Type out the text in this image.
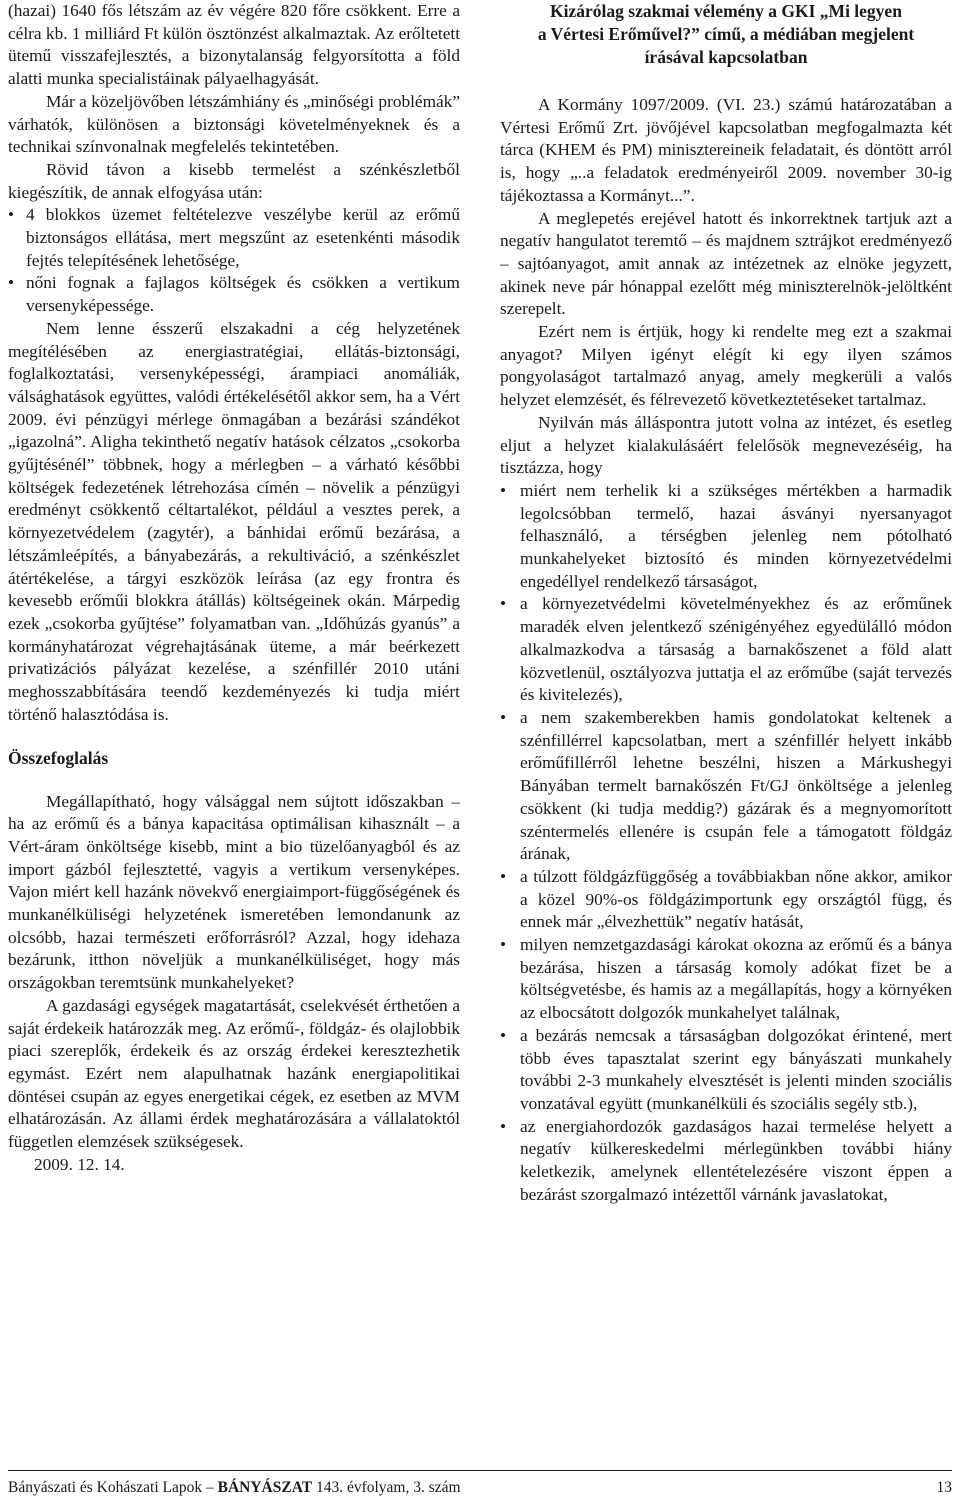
(hazai) 1640 fős létszám az év végére 820 főre csökkent. Erre a célra kb. 1 milliárd Ft külön ösztönzést alkalmaztak. Az erőltetett ütemű visszafejlesztés, a bizonytalanság felgyorsította a föld alatti munka specialistáinak pályaelhagyását.

Már a közeljövőben létszámhiány és „minőségi problémák” várhatók, különösen a biztonsági követelményeknek és a technikai színvonalnak megfelelés tekintetében.

Rövid távon a kisebb termelést a szénkészletből kiegészítik, de annak elfogyása után:

• 4 blokkos üzemet feltételezve veszélybe kerül az erőmű biztonságos ellátása, mert megszűnt az esetenkénti második fejtés telepítésének lehetősége,
• nőni fognak a fajlagos költségek és csökken a vertikum versenyképessége.

Nem lenne ésszerű elszakadni a cég helyzetének megítélésében az energiastratégiai, ellátás-biztonsági, foglalkoztatási, versenyképességi, árampiaci anomáliák, válsághatások együttes, valódi értékelésétől akkor sem, ha a Vért 2009. évi pénzügyi mérlege önmagában a bezárási szándékot „igazolná”. Aligha tekinthető negatív hatások célzatos „csokorba gyűjtésénél” többnek, hogy a mérlegben – a várható későbbi költségek fedezetének létrehozása címén – növelik a pénzügyi eredményt csökkentő céltartalékot, például a vesztes perek, a környezetvédelem (zagytér), a bánhidai erőmű bezárása, a létszámleépítés, a bányabezárás, a rekultiváció, a szénkészlet átértékelése, a tárgyi eszközök leírása (az egy frontra és kevesebb erőműi blokkra átállás) költségeinek okán. Márpedig ezek „csokorba gyűjtése” folyamatban van. „Időhúzás gyanús” a kormányhatározat végrehajtásának üteme, a már beérkezett privatizációs pályázat kezelése, a szénfillér 2010 utáni meghosszabbítására teendő kezdeményezés ki tudja miért történő halasztódása is.

Összefoglalás

Megállapítható, hogy válsággal nem sújtott időszakban – ha az erőmű és a bánya kapacitása optimálisan kihasznált – a Vért-áram önköltsége kisebb, mint a bio tüzelőanyagból és az import gázból fejlesztetté, vagyis a vertikum versenyképes. Vajon miért kell hazánk növekvő energiaimport-függőségének és munkanélküliségi helyzetének ismeretében lemondanunk az olcsóbb, hazai természeti erőforrásról? Azzal, hogy idehaza bezárunk, itthon növeljük a munkanélküliséget, hogy más országokban teremtsünk munkahelyeket?

A gazdasági egységek magatartását, cselekvését érthetően a saját érdekeik határozzák meg. Az erőmű-, földgáz- és olajlobbik piaci szereplők, érdekeik és az ország érdekei keresztezhetik egymást. Ezért nem alapulhatnak hazánk energiapolitikai döntései csupán az egyes energetikai cégek, ez esetben az MVM elhatározásán. Az állami érdek meghatározására a vállalatoktól független elemzések szükségesek.

2009. 12. 14.

Kizárólag szakmai vélemény a GKI „Mi legyen
a Vértesi Erőművel?” című, a médiában megjelent
írásával kapcsolatban

A Kormány 1097/2009. (VI. 23.) számú határozatában a Vértesi Erőmű Zrt. jövőjével kapcsolatban megfogalmazta két tárca (KHEM és PM) minisztereineik feladatait, és döntött arról is, hogy „..a feladatok eredményeiről 2009. november 30-ig tájékoztassa a Kormányt...”.

A meglepetés erejével hatott és inkorrektnek tartjuk azt a negatív hangulatot teremtő – és majdnem sztrájkot eredményező – sajtóanyagot, amit annak az intézetnek az elnöke jegyzett, akinek neve pár hónappal ezelőtt még miniszterelnök-jelöltként szerepelt.

Ezért nem is értjük, hogy ki rendelte meg ezt a szakmai anyagot? Milyen igényt elégít ki egy ilyen számos pongyolaságot tartalmazó anyag, amely megkerüli a valós helyzet elemzését, és félrevezető következtetéseket tartalmaz.

Nyilván más álláspontra jutott volna az intézet, és esetleg eljut a helyzet kialakulásáért felelősök megnevezéséig, ha tisztázza, hogy

• miért nem terhelik ki a szükséges mértékben a harmadik legolcsóbban termelő, hazai ásványi nyersanyagot felhasználó, a térségben jelenleg nem pótolható munkahelyeket biztosító és minden környezetvédelmi engedéllyel rendelkező társaságot,
• a környezetvédelmi követelményekhez és az erőműnek maradék elven jelentkező szénigényéhez egyedülálló módon alkalmazkodva a társaság a barnakőszenet a föld alatt közvetlenül, osztályozva juttatja el az erőműbe (saját tervezés és kivitelezés),
• a nem szakemberekben hamis gondolatokat keltenek a szénfillérrel kapcsolatban, mert a szénfillér helyett inkább erőműfillérről lehetne beszélni, hiszen a Márkushegyi Bányában termelt barnakőszén Ft/GJ önköltsége a jelenleg csökkent (ki tudja meddig?) gázárak és a megnyomorított széntermelés ellenére is csupán fele a támogatott földgáz árának,
• a túlzott földgázfüggőség a továbbiakban nőne akkor, amikor a közel 90%-os földgázimportunk egy országtól függ, és ennek már „élvezhettük” negatív hatását,
• milyen nemzetgazdasági károkat okozna az erőmű és a bánya bezárása, hiszen a társaság komoly adókat fizet be a költségvetésbe, és hamis az a megállapítás, hogy a környéken az elbocsátott dolgozók munkahelyet találnak,
• a bezárás nemcsak a társaságban dolgozókat érintené, mert több éves tapasztalat szerint egy bányászati munkahely további 2-3 munkahely elvesztését is jelenti minden szociális vonzatával együtt (munkanélküli és szociális segély stb.),
• az energiahordozók gazdaságos hazai termelése helyett a negatív külkereskedelmi mérlegünkben további hiány keletkezik, amelynek ellentételezésére viszont éppen a bezárást szorgalmazó intézettől várnánk javaslatokat,
Bányászati és Kohászati Lapok – BÁNYÁSZAT 143. évfolyam, 3. szám	13
